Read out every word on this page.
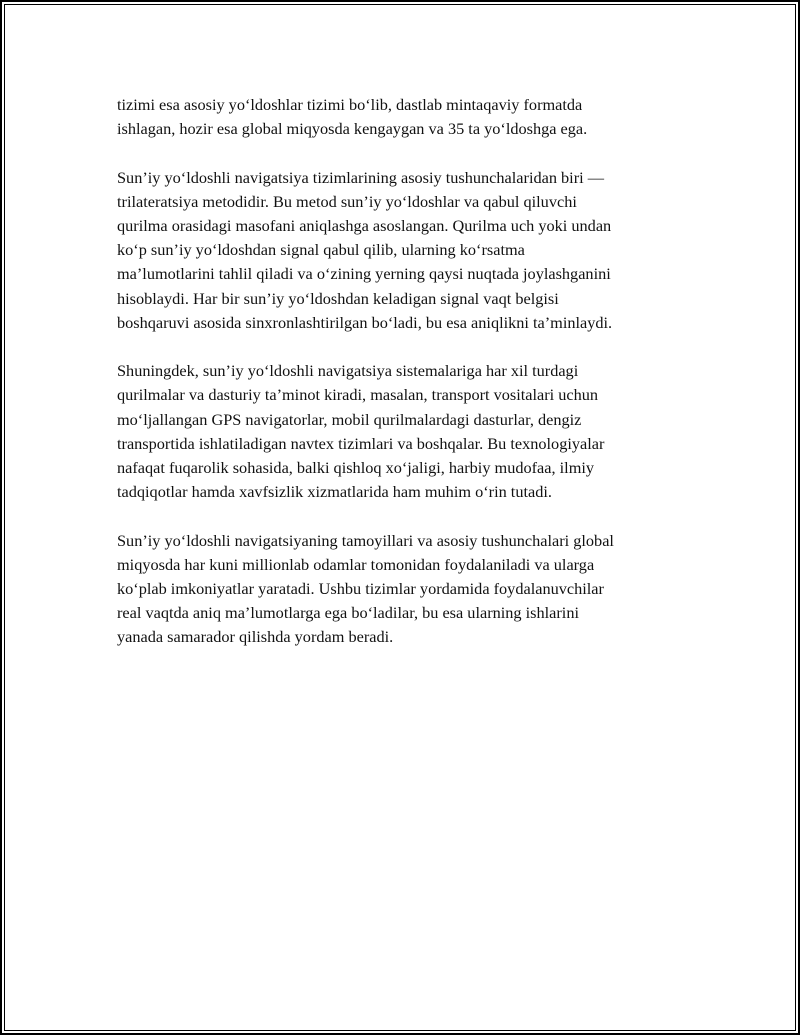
tizimi esa asosiy yo‘ldoshlar tizimi bo‘lib, dastlab mintaqaviy formatda
ishlagan, hozir esa global miqyosda kengaygan va 35 ta yo‘ldoshga ega.

Sun’iy yo‘ldoshli navigatsiya tizimlarining asosiy tushunchalaridan biri —
trilateratsiya metodidir. Bu metod sun’iy yo‘ldoshlar va qabul qiluvchi
qurilma orasidagi masofani aniqlashga asoslangan. Qurilma uch yoki undan
ko‘p sun’iy yo‘ldoshdan signal qabul qilib, ularning ko‘rsatma
ma’lumotlarini tahlil qiladi va o‘zining yerning qaysi nuqtada joylashganini
hisoblaydi. Har bir sun’iy yo‘ldoshdan keladigan signal vaqt belgisi
boshqaruvi asosida sinxronlashtirilgan bo‘ladi, bu esa aniqlikni ta’minlaydi.

Shuningdek, sun’iy yo‘ldoshli navigatsiya sistemalariga har xil turdagi
qurilmalar va dasturiy ta’minot kiradi, masalan, transport vositalari uchun
mo‘ljallangan GPS navigatorlar, mobil qurilmalardagi dasturlar, dengiz
transportida ishlatiladigan navtex tizimlari va boshqalar. Bu texnologiyalar
nafaqat fuqarolik sohasida, balki qishloq xo‘jaligi, harbiy mudofaa, ilmiy
tadqiqotlar hamda xavfsizlik xizmatlarida ham muhim o‘rin tutadi.

Sun’iy yo‘ldoshli navigatsiyaning tamoyillari va asosiy tushunchalari global
miqyosda har kuni millionlab odamlar tomonidan foydalaniladi va ularga
ko‘plab imkoniyatlar yaratadi. Ushbu tizimlar yordamida foydalanuvchilar
real vaqtda aniq ma’lumotlarga ega bo‘ladilar, bu esa ularning ishlarini
yanada samarador qilishda yordam beradi.
